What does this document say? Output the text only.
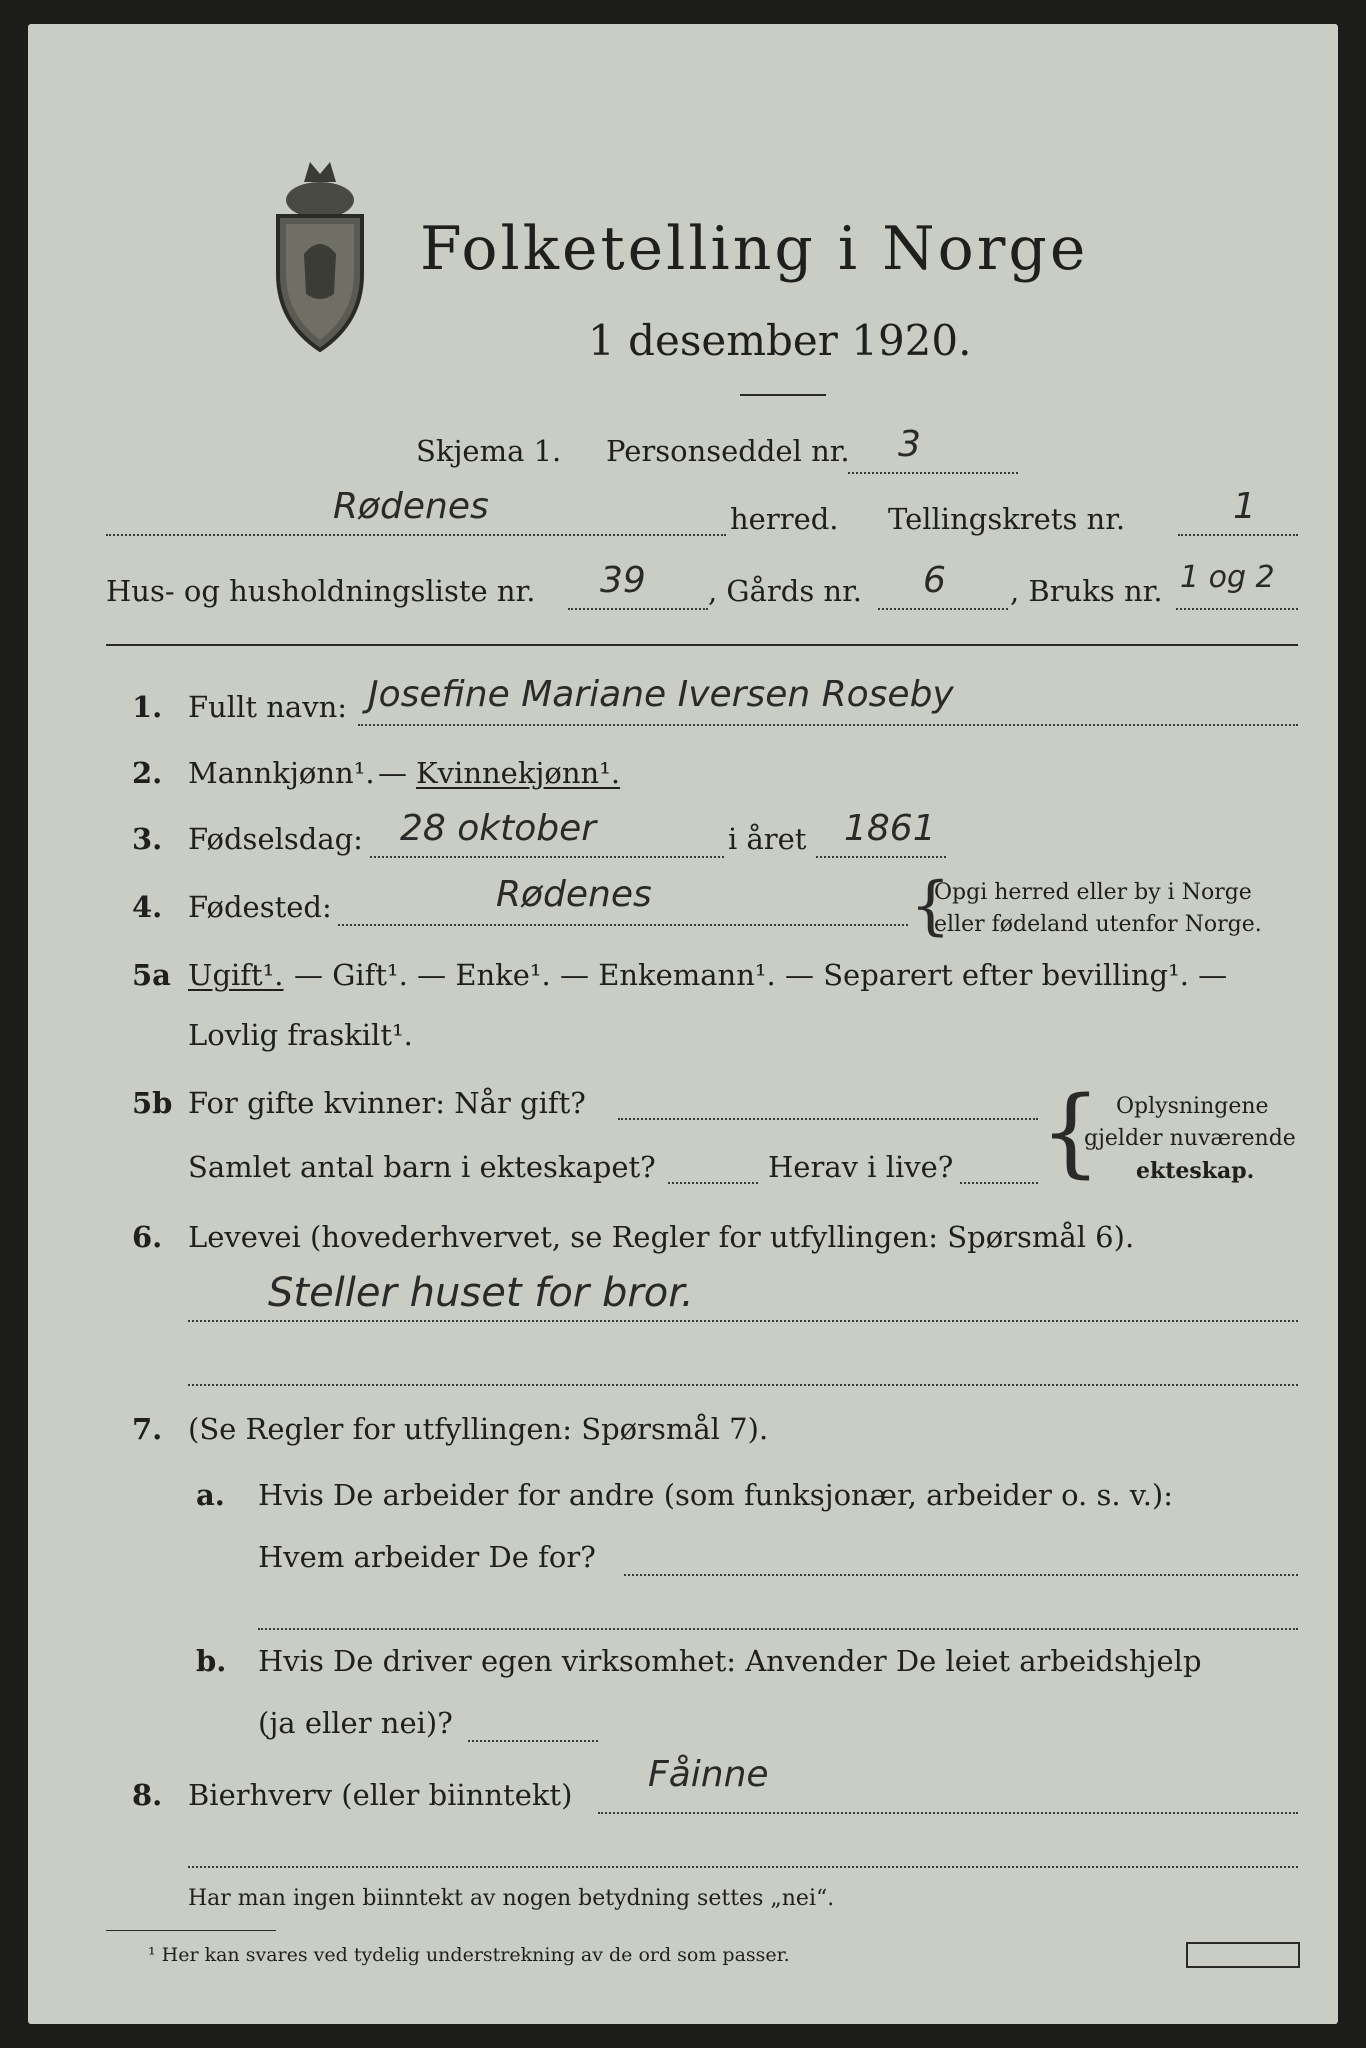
Folketelling i Norge
1 desember 1920.
Skjema 1. Personseddel nr. 3
Rødenes	herred. Tellingskrets nr.	1
Hus- og husholdningsliste nr. 39 , Gårds nr. 6 , Bruks nr. 1 og 2
1. Fullt navn: Josefine Mariane Iversen Roseby
2. Mannkjønn¹. — Kvinnekjønn¹.
3. Fødselsdag: 28 oktober	i året 1861
4. Fødested:	Rødenes	{
Opgi herred eller by i Norge
eller fødeland utenfor Norge.
5a Ugift¹. — Gift¹. — Enke¹. — Enkemann¹. — Separert efter bevilling¹. —
Lovlig fraskilt¹.
5b For gifte kvinner: Når gift?
Samlet antal barn i ekteskapet?	Herav i live? { Oplysningene
gjelder nuværende
ekteskap.
6. Levevei (hovederhvervet, se Regler for utfyllingen: Spørsmål 6).
Steller huset for bror.
7. (Se Regler for utfyllingen: Spørsmål 7).
a. Hvis De arbeider for andre (som funksjonær, arbeider o. s. v.):
Hvem arbeider De for?
b. Hvis De driver egen virksomhet: Anvender De leiet arbeidshjelp
(ja eller nei)?
8. Bierhverv (eller biinntekt) Fåinne
Har man ingen biinntekt av nogen betydning settes „nei“.
¹ Her kan svares ved tydelig understrekning av de ord som passer.
